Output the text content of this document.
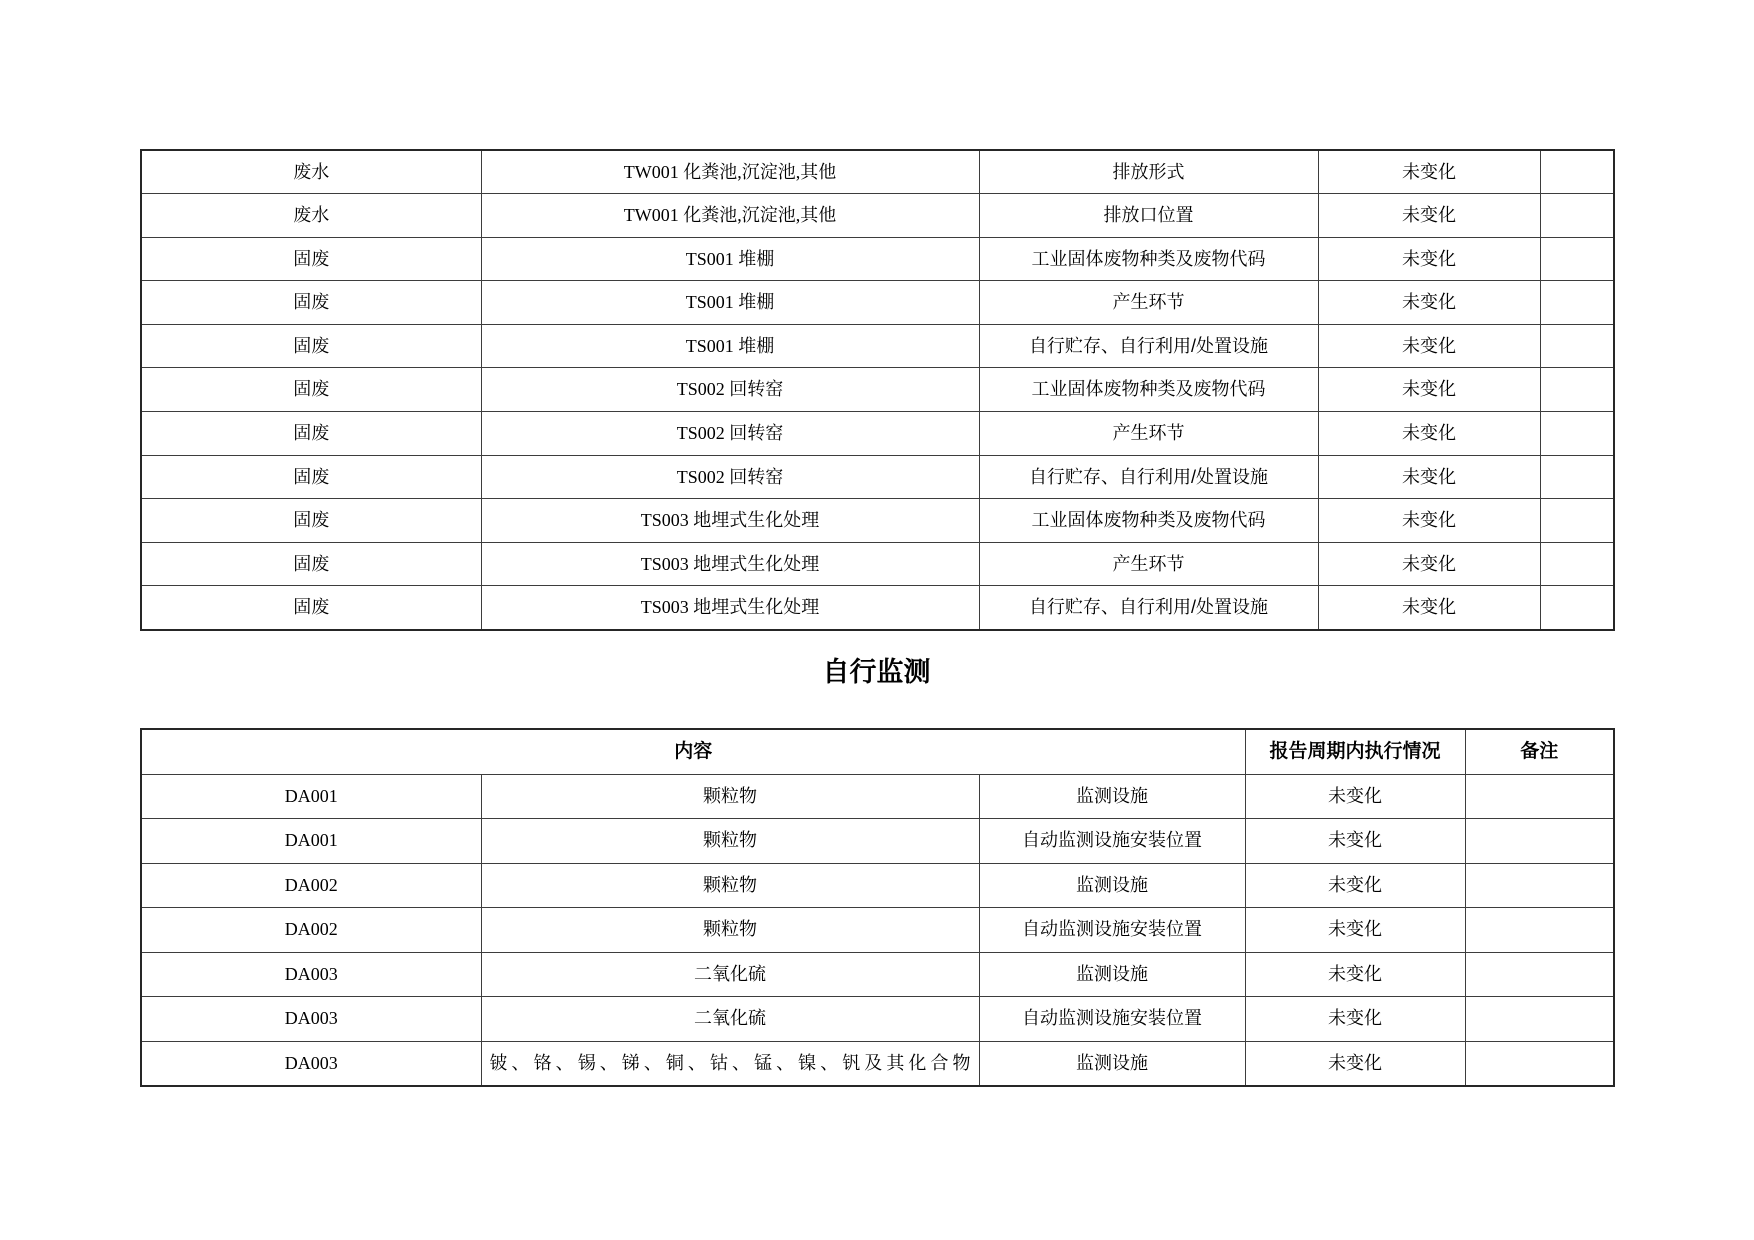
废水	TW001 化粪池,沉淀池,其他	排放形式	未变化	
废水	TW001 化粪池,沉淀池,其他	排放口位置	未变化	
固废	TS001 堆棚	工业固体废物种类及废物代码	未变化	
固废	TS001 堆棚	产生环节	未变化	
固废	TS001 堆棚	自行贮存、自行利用/处置设施	未变化	
固废	TS002 回转窑	工业固体废物种类及废物代码	未变化	
固废	TS002 回转窑	产生环节	未变化	
固废	TS002 回转窑	自行贮存、自行利用/处置设施	未变化	
固废	TS003 地埋式生化处理	工业固体废物种类及废物代码	未变化	
固废	TS003 地埋式生化处理	产生环节	未变化	
固废	TS003 地埋式生化处理	自行贮存、自行利用/处置设施	未变化	
自行监测
内容			报告周期内执行情况	备注
DA001	颗粒物	监测设施	未变化	
DA001	颗粒物	自动监测设施安装位置	未变化	
DA002	颗粒物	监测设施	未变化	
DA002	颗粒物	自动监测设施安装位置	未变化	
DA003	二氧化硫	监测设施	未变化	
DA003	二氧化硫	自动监测设施安装位置	未变化	
DA003	铍、铬、锡、锑、铜、钴、锰、镍、钒及其化合物	监测设施	未变化	
